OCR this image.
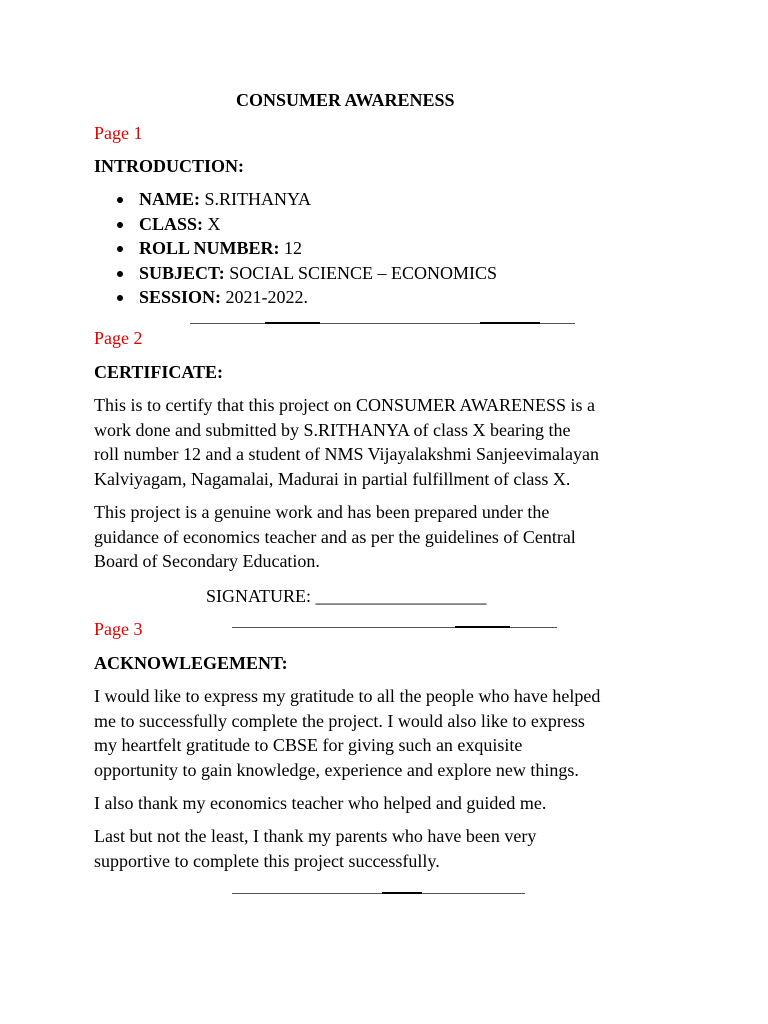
CONSUMER AWARENESS
Page 1
INTRODUCTION:
NAME: S.RITHANYA
CLASS: X
ROLL NUMBER: 12
SUBJECT: SOCIAL SCIENCE – ECONOMICS
SESSION: 2021-2022.
Page 2
CERTIFICATE:
This is to certify that this project on CONSUMER AWARENESS is a
work done and submitted by S.RITHANYA of class X bearing the
roll number 12 and a student of NMS Vijayalakshmi Sanjeevimalayan
Kalviyagam, Nagamalai, Madurai in partial fulfillment of class X.
This project is a genuine work and has been prepared under the
guidance of economics teacher and as per the guidelines of Central
Board of Secondary Education.
SIGNATURE: ___________________
Page 3
ACKNOWLEGEMENT:
I would like to express my gratitude to all the people who have helped
me to successfully complete the project. I would also like to express
my heartfelt gratitude to CBSE for giving such an exquisite
opportunity to gain knowledge, experience and explore new things.
I also thank my economics teacher who helped and guided me.
Last but not the least, I thank my parents who have been very
supportive to complete this project successfully.
